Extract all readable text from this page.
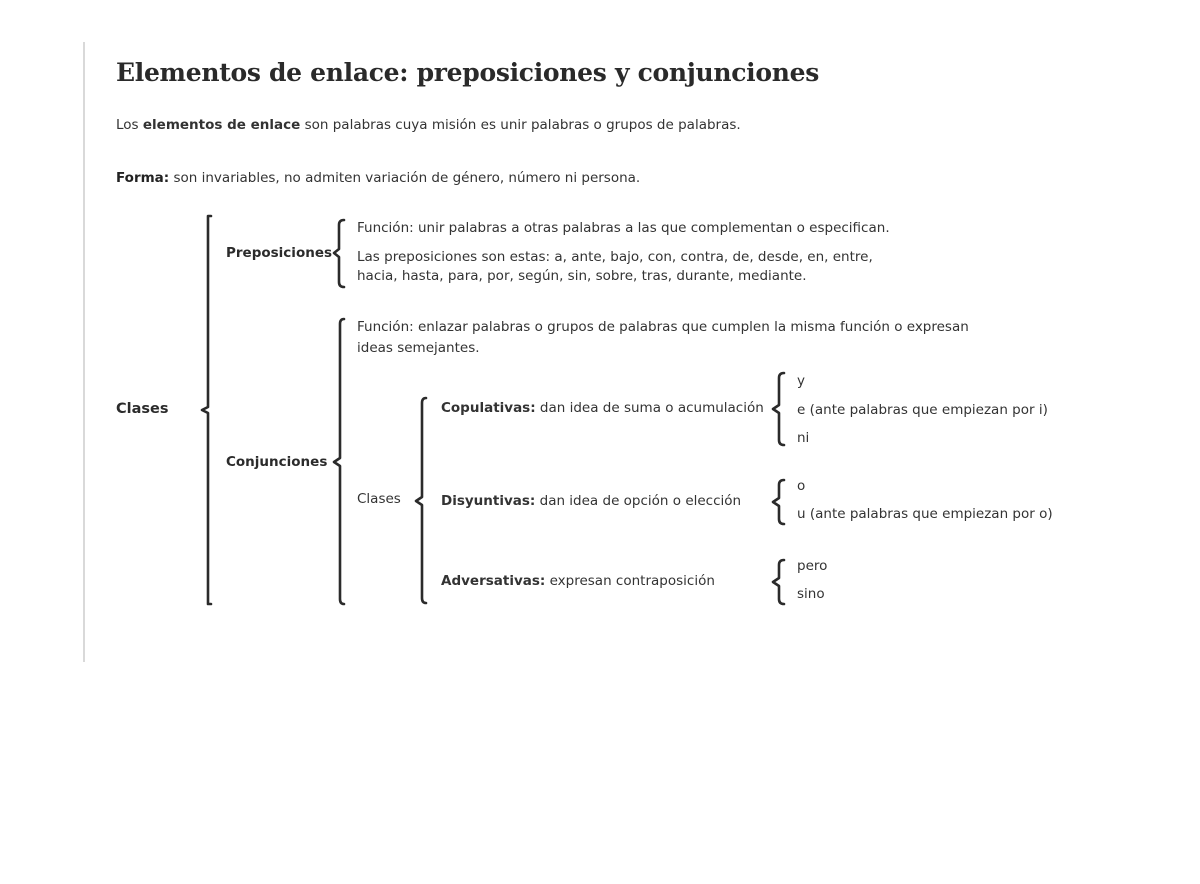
Elementos de enlace: preposiciones y conjunciones
Los elementos de enlace son palabras cuya misión es unir palabras o grupos de palabras.
Forma: son invariables, no admiten variación de género, número ni persona.
Clases
Preposiciones
Función: unir palabras a otras palabras a las que complementan o especifican.
Las preposiciones son estas: a, ante, bajo, con, contra, de, desde, en, entre,
hacia, hasta, para, por, según, sin, sobre, tras, durante, mediante.
Conjunciones
Función: enlazar palabras o grupos de palabras que cumplen la misma función o expresan
ideas semejantes.
Clases
Copulativas: dan idea de suma o acumulación
y
e (ante palabras que empiezan por i)
ni
Disyuntivas: dan idea de opción o elección
o
u (ante palabras que empiezan por o)
Adversativas: expresan contraposición
pero
sino
